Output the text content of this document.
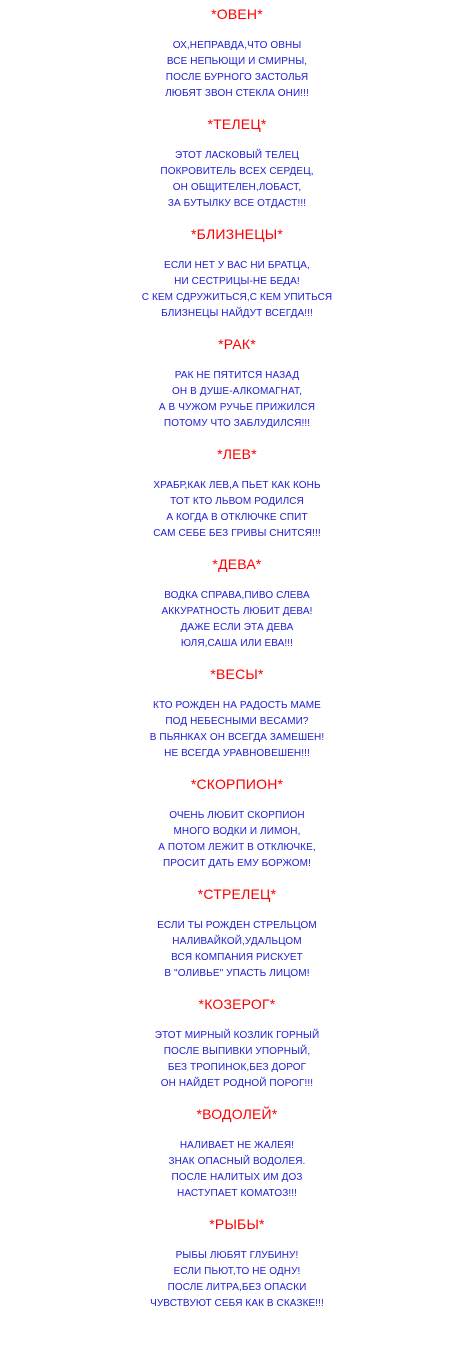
*ОВЕН*
ОХ,НЕПРАВДА,ЧТО ОВНЫ
ВСЕ НЕПЬЮЩИ И СМИРНЫ,
ПОСЛЕ БУРНОГО ЗАСТОЛЬЯ
ЛЮБЯТ ЗВОН СТЕКЛА ОНИ!!!
*ТЕЛЕЦ*
ЭТОТ ЛАСКОВЫЙ ТЕЛЕЦ
ПОКРОВИТЕЛЬ ВСЕХ СЕРДЕЦ,
ОН ОБЩИТЕЛЕН,ЛОБАСТ,
ЗА БУТЫЛКУ ВСЕ ОТДАСТ!!!
*БЛИЗНЕЦЫ*
ЕСЛИ НЕТ У ВАС НИ БРАТЦА,
НИ СЕСТРИЦЫ-НЕ БЕДА!
С КЕМ СДРУЖИТЬСЯ,С КЕМ УПИТЬСЯ
БЛИЗНЕЦЫ НАЙДУТ ВСЕГДА!!!
*РАК*
РАК НЕ ПЯТИТСЯ НАЗАД
ОН В ДУШЕ-АЛКОМАГНАТ,
А В ЧУЖОМ РУЧЬЕ ПРИЖИЛСЯ
ПОТОМУ ЧТО ЗАБЛУДИЛСЯ!!!
*ЛЕВ*
ХРАБР,КАК ЛЕВ,А ПЬЕТ КАК КОНЬ
ТОТ КТО ЛЬВОМ РОДИЛСЯ
А КОГДА В ОТКЛЮЧКЕ СПИТ
САМ СЕБЕ БЕЗ ГРИВЫ СНИТСЯ!!!
*ДЕВА*
ВОДКА СПРАВА,ПИВО СЛЕВА
АККУРАТНОСТЬ ЛЮБИТ ДЕВА!
ДАЖЕ ЕСЛИ ЭТА ДЕВА
ЮЛЯ,САША ИЛИ ЕВА!!!
*ВЕСЫ*
КТО РОЖДЕН НА РАДОСТЬ МАМЕ
ПОД НЕБЕСНЫМИ ВЕСАМИ?
В ПЬЯНКАХ ОН ВСЕГДА ЗАМЕШЕН!
НЕ ВСЕГДА УРАВНОВЕШЕН!!!
*СКОРПИОН*
ОЧЕНЬ ЛЮБИТ СКОРПИОН
МНОГО ВОДКИ И ЛИМОН,
А ПОТОМ ЛЕЖИТ В ОТКЛЮЧКЕ,
ПРОСИТ ДАТЬ ЕМУ БОРЖОМ!
*СТРЕЛЕЦ*
ЕСЛИ ТЫ РОЖДЕН СТРЕЛЬЦОМ
НАЛИВАЙКОЙ,УДАЛЬЦОМ
ВСЯ КОМПАНИЯ РИСКУЕТ
В "ОЛИВЬЕ" УПАСТЬ ЛИЦОМ!
*КОЗЕРОГ*
ЭТОТ МИРНЫЙ КОЗЛИК ГОРНЫЙ
ПОСЛЕ ВЫПИВКИ УПОРНЫЙ,
БЕЗ ТРОПИНОК,БЕЗ ДОРОГ
ОН НАЙДЕТ РОДНОЙ ПОРОГ!!!
*ВОДОЛЕЙ*
НАЛИВАЕТ НЕ ЖАЛЕЯ!
ЗНАК ОПАСНЫЙ ВОДОЛЕЯ.
ПОСЛЕ НАЛИТЫХ ИМ ДОЗ
НАСТУПАЕТ КОМАТОЗ!!!
*РЫБЫ*
РЫБЫ ЛЮБЯТ ГЛУБИНУ!
ЕСЛИ ПЬЮТ,ТО НЕ ОДНУ!
ПОСЛЕ ЛИТРА,БЕЗ ОПАСКИ
ЧУВСТВУЮТ СЕБЯ КАК В СКАЗКЕ!!!
